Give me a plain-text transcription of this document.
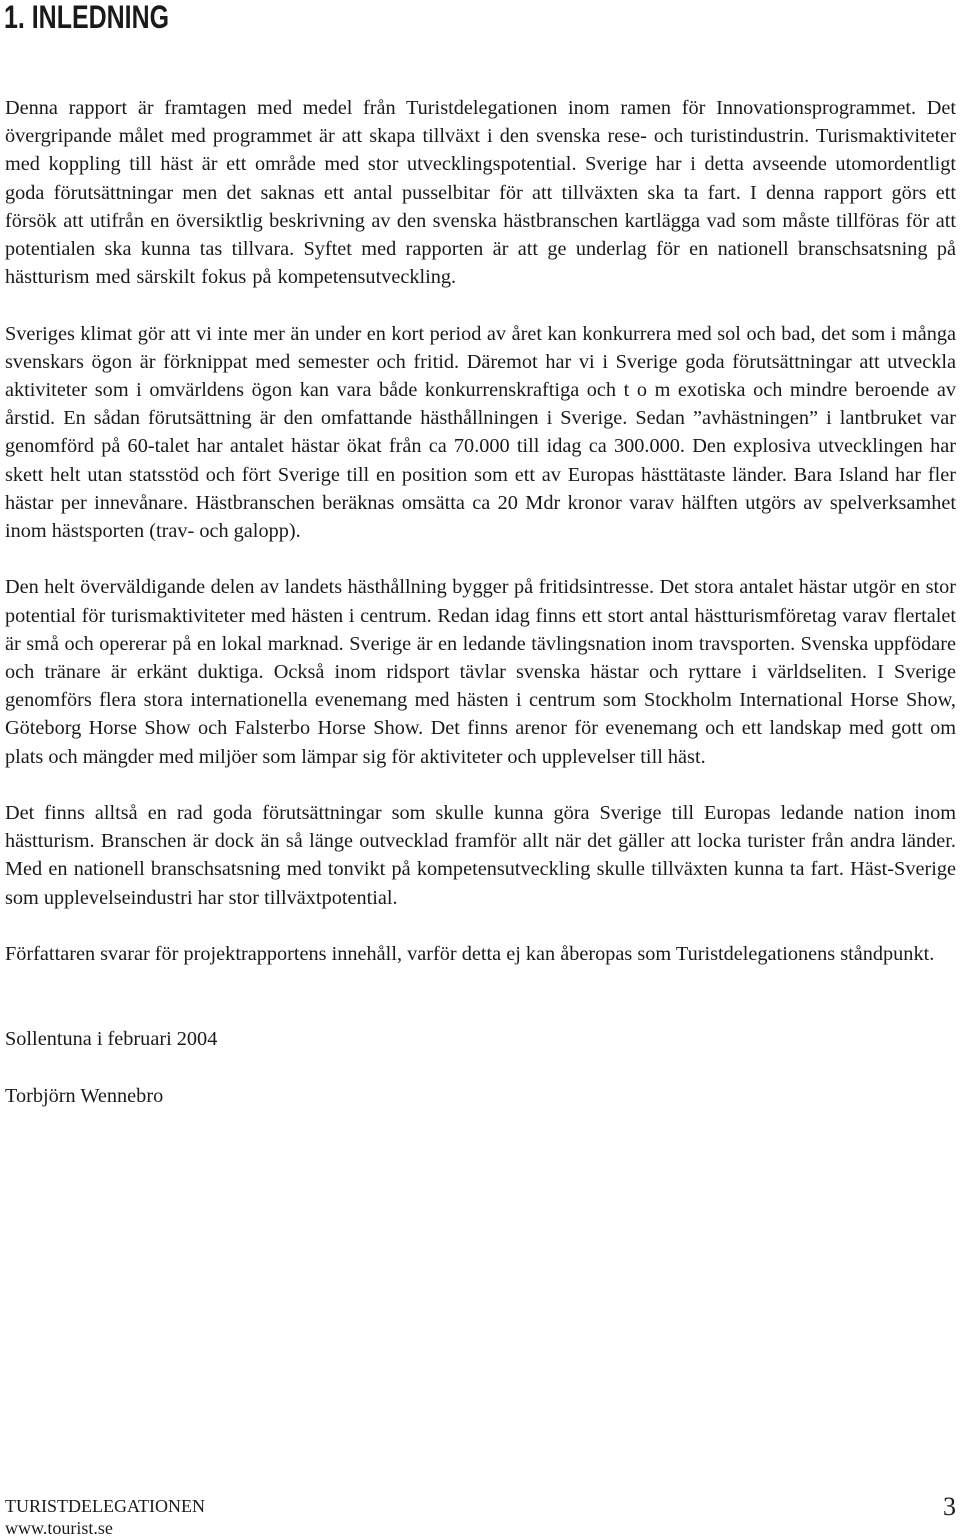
1. INLEDNING

Denna rapport är framtagen med medel från Turistdelegationen inom ramen för Innovationsprogrammet. Det övergripande målet med programmet är att skapa tillväxt i den svenska rese- och turistindustrin. Turismaktiviteter med koppling till häst är ett område med stor utvecklingspotential. Sverige har i detta avseende utomordentligt goda förutsättningar men det saknas ett antal pusselbitar för att tillväxten ska ta fart. I denna rapport görs ett försök att utifrån en översiktlig beskrivning av den svenska hästbranschen kartlägga vad som måste tillföras för att potentialen ska kunna tas tillvara. Syftet med rapporten är att ge underlag för en nationell branschsatsning på hästturism med särskilt fokus på kompetensutveckling.

Sveriges klimat gör att vi inte mer än under en kort period av året kan konkurrera med sol och bad, det som i många svenskars ögon är förknippat med semester och fritid. Däremot har vi i Sverige goda förutsättningar att utveckla aktiviteter som i omvärldens ögon kan vara både konkurrenskraftiga och t o m exotiska och mindre beroende av årstid. En sådan förutsättning är den omfattande hästhållningen i Sverige. Sedan ”avhästningen” i lantbruket var genomförd på 60-talet har antalet hästar ökat från ca 70.000 till idag ca 300.000. Den explosiva utvecklingen har skett helt utan statsstöd och fört Sverige till en position som ett av Europas hästtätaste länder. Bara Island har fler hästar per innevånare. Hästbranschen beräknas omsätta ca 20 Mdr kronor varav hälften utgörs av spelverksamhet inom hästsporten (trav- och galopp).

Den helt överväldigande delen av landets hästhållning bygger på fritidsintresse. Det stora antalet hästar utgör en stor potential för turismaktiviteter med hästen i centrum. Redan idag finns ett stort antal hästturismföretag varav flertalet är små och opererar på en lokal marknad. Sverige är en ledande tävlingsnation inom travsporten. Svenska uppfödare och tränare är erkänt duktiga. Också inom ridsport tävlar svenska hästar och ryttare i världseliten. I Sverige genomförs flera stora internationella evenemang med hästen i centrum som Stockholm International Horse Show, Göteborg Horse Show och Falsterbo Horse Show. Det finns arenor för evenemang och ett landskap med gott om plats och mängder med miljöer som lämpar sig för aktiviteter och upplevelser till häst.

Det finns alltså en rad goda förutsättningar som skulle kunna göra Sverige till Europas ledande nation inom hästturism. Branschen är dock än så länge outvecklad framför allt när det gäller att locka turister från andra länder. Med en nationell branschsatsning med tonvikt på kompetensutveckling skulle tillväxten kunna ta fart. Häst-Sverige som upplevelseindustri har stor tillväxtpotential.

Författaren svarar för projektrapportens innehåll, varför detta ej kan åberopas som Turistdelegationens ståndpunkt.

Sollentuna i februari 2004

Torbjörn Wennebro

TURISTDELEGATIONEN
www.tourist.se
3
